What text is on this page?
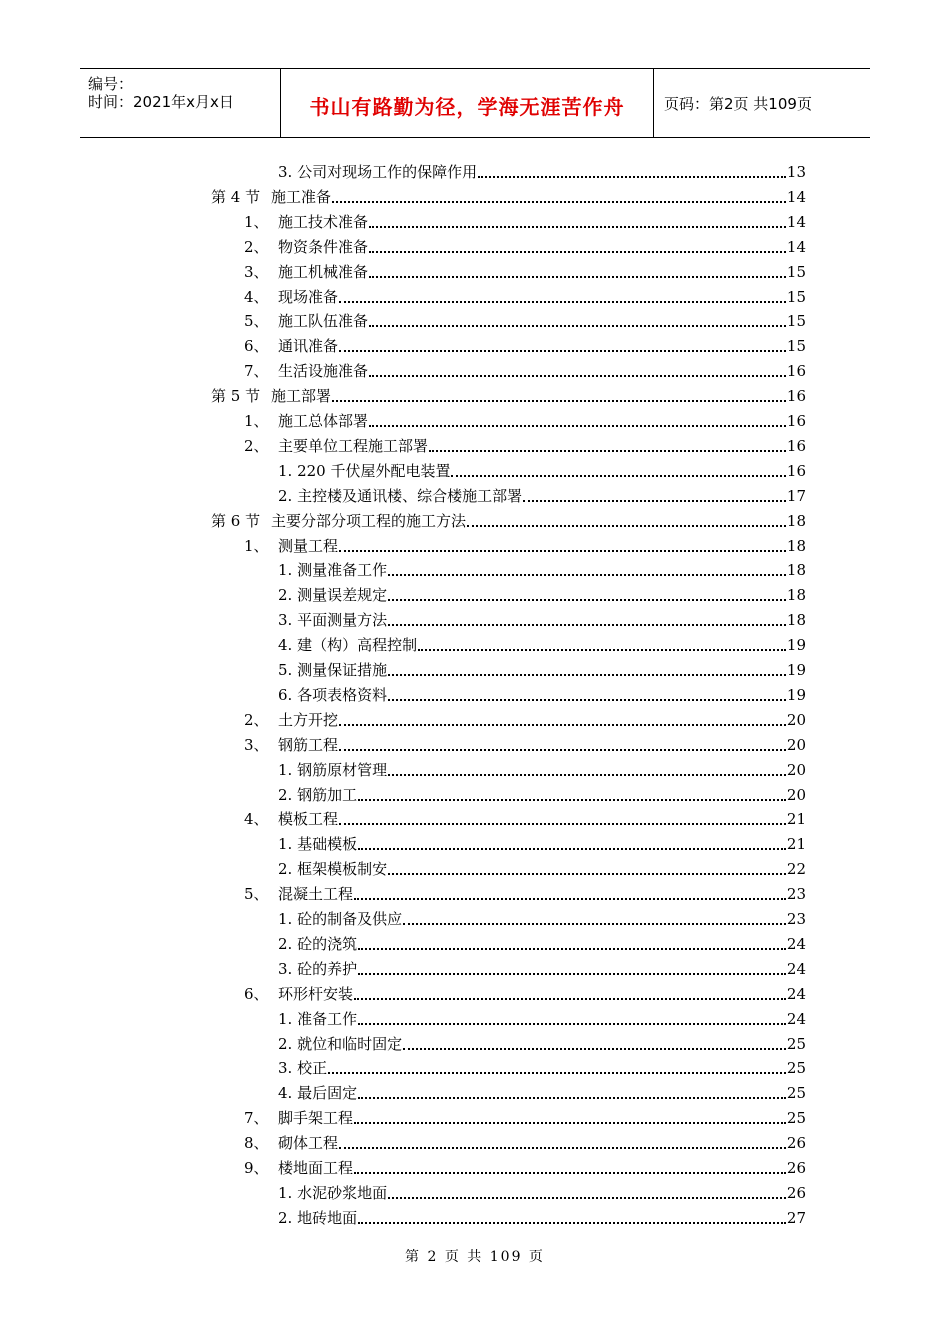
编号：
时间：2021年x月x日	书山有路勤为径，学海无涯苦作舟	页码：第2页 共109页
3. 公司对现场工作的保障作用	13
第 4 节 施工准备	14
1、 施工技术准备	14
2、 物资条件准备	14
3、 施工机械准备	15
4、 现场准备	15
5、 施工队伍准备	15
6、 通讯准备	15
7、 生活设施准备	16
第 5 节 施工部署	16
1、 施工总体部署	16
2、 主要单位工程施工部署	16
1. 220 千伏屋外配电装置	16
2. 主控楼及通讯楼、综合楼施工部署	17
第 6 节 主要分部分项工程的施工方法	18
1、 测量工程	18
1. 测量准备工作	18
2. 测量误差规定	18
3. 平面测量方法	18
4. 建（构）高程控制	19
5. 测量保证措施	19
6. 各项表格资料	19
2、 土方开挖	20
3、 钢筋工程	20
1. 钢筋原材管理	20
2. 钢筋加工	20
4、 模板工程	21
1. 基础模板	21
2. 框架模板制安	22
5、 混凝土工程	23
1. 砼的制备及供应	23
2. 砼的浇筑	24
3. 砼的养护	24
6、 环形杆安装	24
1. 准备工作	24
2. 就位和临时固定	25
3. 校正	25
4. 最后固定	25
7、 脚手架工程	25
8、 砌体工程	26
9、 楼地面工程	26
1. 水泥砂浆地面	26
2. 地砖地面	27
第 2 页 共 109 页
